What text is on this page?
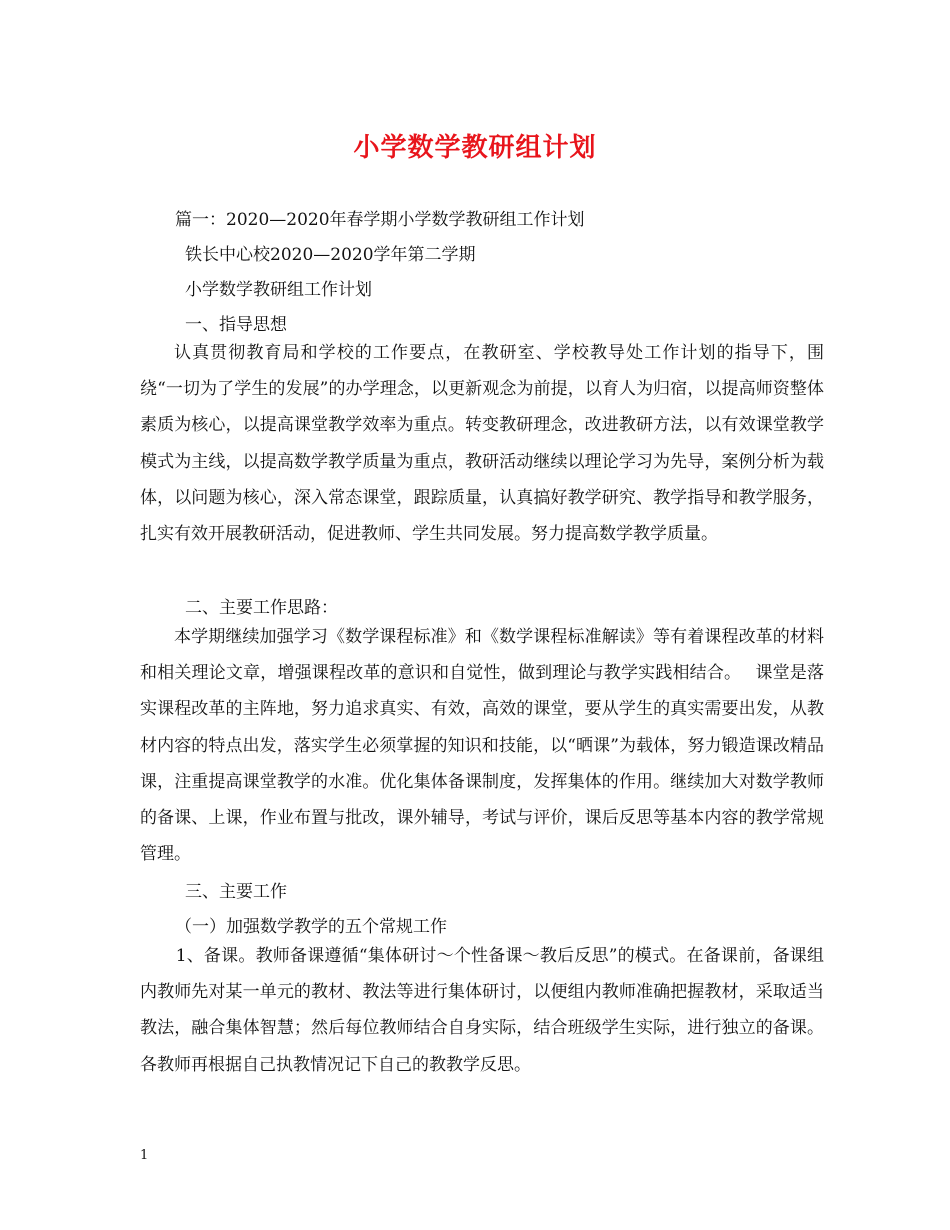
小学数学教研组计划
篇一：2020—2020年春学期小学数学教研组工作计划
铁长中心校2020—2020学年第二学期
小学数学教研组工作计划
一、指导思想
认真贯彻教育局和学校的工作要点，在教研室、学校教导处工作计划的指导下，围绕“一切为了学生的发展”的办学理念，以更新观念为前提，以育人为归宿，以提高师资整体素质为核心，以提高课堂教学效率为重点。转变教研理念，改进教研方法，以有效课堂教学模式为主线，以提高数学教学质量为重点，教研活动继续以理论学习为先导，案例分析为载体，以问题为核心，深入常态课堂，跟踪质量，认真搞好教学研究、教学指导和教学服务，扎实有效开展教研活动，促进教师、学生共同发展。努力提高数学教学质量。
二、主要工作思路：
本学期继续加强学习《数学课程标准》和《数学课程标准解读》等有着课程改革的材料和相关理论文章，增强课程改革的意识和自觉性，做到理论与教学实践相结合。　 课堂是落实课程改革的主阵地，努力追求真实、有效，高效的课堂，要从学生的真实需要出发，从教材内容的特点出发，落实学生必须掌握的知识和技能，以“晒课”为载体，努力锻造课改精品课，注重提高课堂教学的水准。优化集体备课制度，发挥集体的作用。继续加大对数学教师的备课、上课，作业布置与批改，课外辅导，考试与评价，课后反思等基本内容的教学常规管理。
三、主要工作
（一）加强数学教学的五个常规工作
1、备课。教师备课遵循“集体研讨～个性备课～教后反思”的模式。在备课前，备课组内教师先对某一单元的教材、教法等进行集体研讨，以便组内教师准确把握教材，采取适当教法，融合集体智慧；然后每位教师结合自身实际，结合班级学生实际，进行独立的备课。各教师再根据自己执教情况记下自己的教教学反思。
1
